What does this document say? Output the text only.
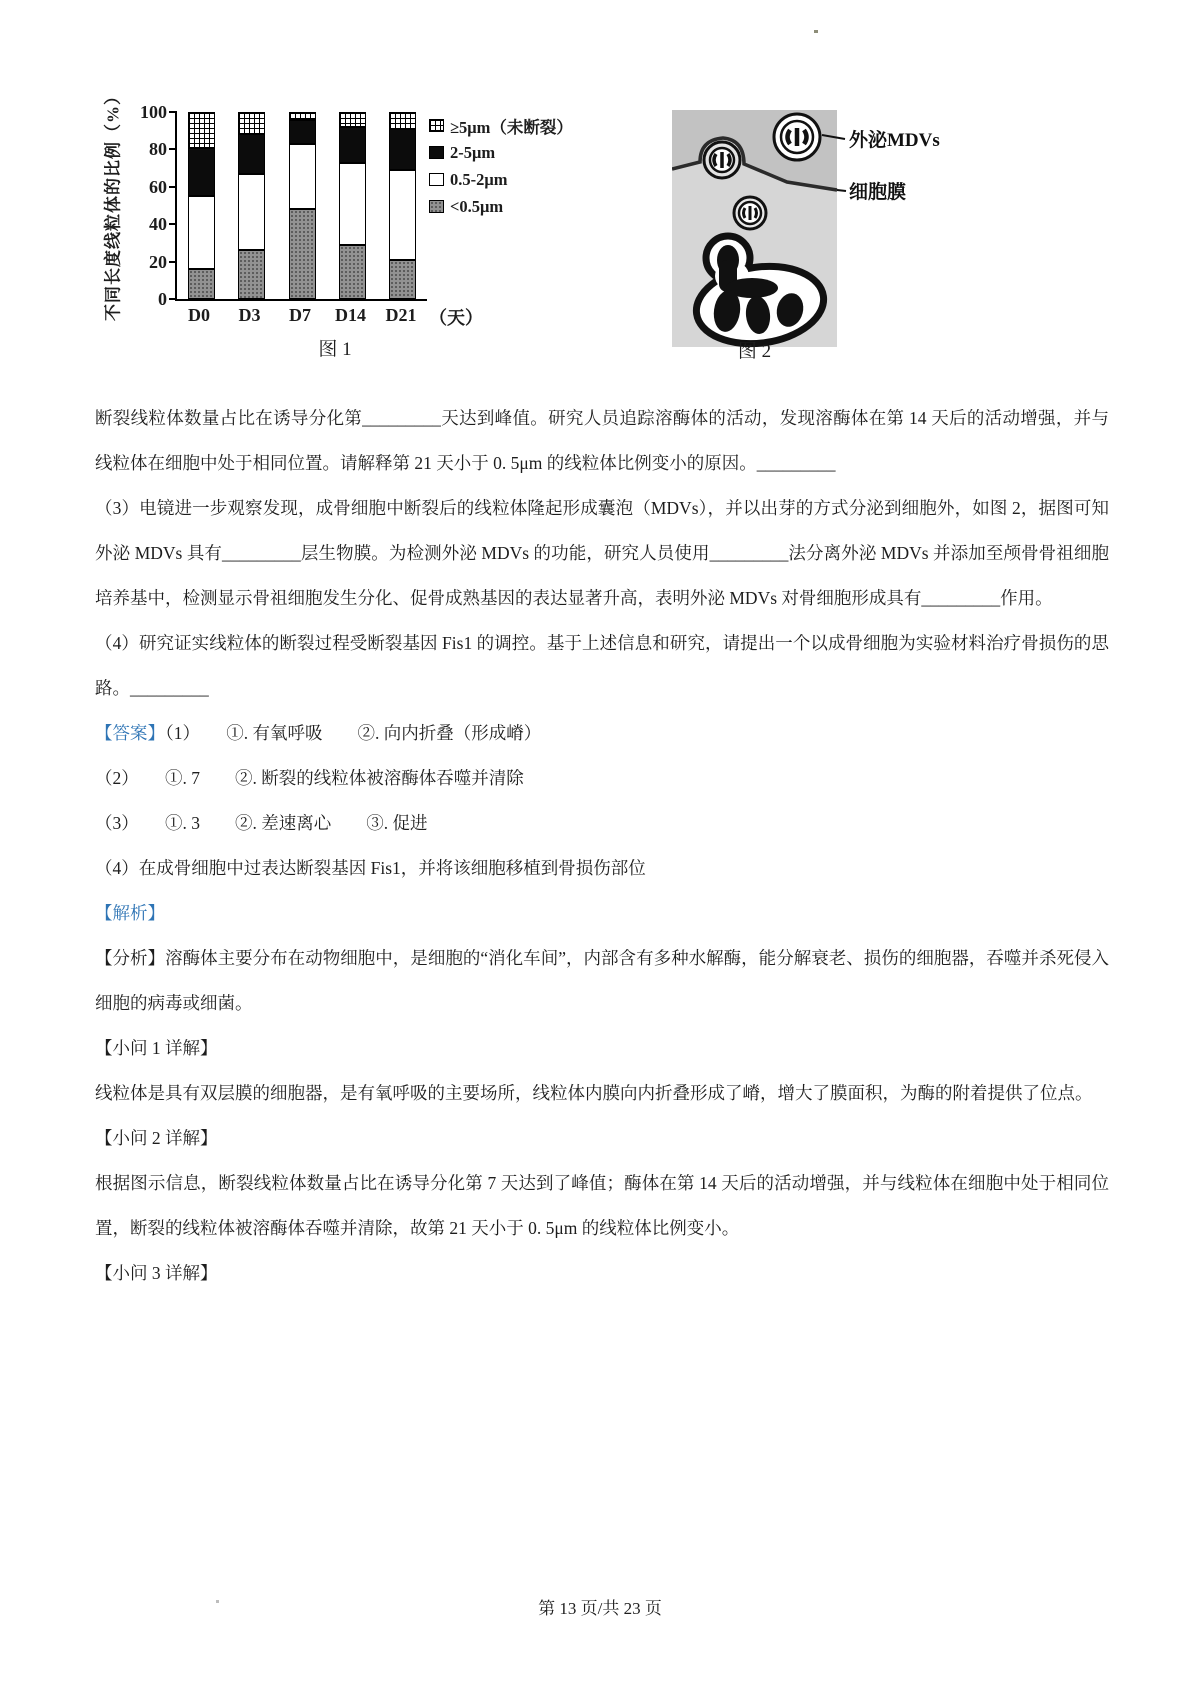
不同长度线粒体的比例（%） 0
20
40
60
80
100
D0	D3	D7	D14 D21 （天）
≥5μm（未断裂）
2-5μm
0.5-2μm
<0.5μm
图 1
外泌MDVs
细胞膜
图 2

断裂线粒体数量占比在诱导分化第_________天达到峰值。研究人员追踪溶酶体的活动，发现溶酶体在第 14 天后的活动增强，并与线粒体在细胞中处于相同位置。请解释第 21 天小于 0. 5μm 的线粒体比例变小的原因。_________

（3）电镜进一步观察发现，成骨细胞中断裂后的线粒体隆起形成囊泡（MDVs），并以出芽的方式分泌到细胞外，如图 2，据图可知外泌 MDVs 具有_________层生物膜。为检测外泌 MDVs 的功能，研究人员使用_________法分离外泌 MDVs 并添加至颅骨骨祖细胞培养基中，检测显示骨祖细胞发生分化、促骨成熟基因的表达显著升高，表明外泌 MDVs 对骨细胞形成具有_________作用。

（4）研究证实线粒体的断裂过程受断裂基因 Fis1 的调控。基于上述信息和研究，请提出一个以成骨细胞为实验材料治疗骨损伤的思路。_________

【答案】（1）　　①. 有氧呼吸　　②. 向内折叠（形成嵴）

（2）　　①. 7　　②. 断裂的线粒体被溶酶体吞噬并清除

（3）　　①. 3　　②. 差速离心　　③. 促进

（4）在成骨细胞中过表达断裂基因 Fis1，并将该细胞移植到骨损伤部位

【解析】

【分析】溶酶体主要分布在动物细胞中，是细胞的“消化车间”，内部含有多种水解酶，能分解衰老、损伤的细胞器，吞噬并杀死侵入细胞的病毒或细菌。

【小问 1 详解】

线粒体是具有双层膜的细胞器，是有氧呼吸的主要场所，线粒体内膜向内折叠形成了嵴，增大了膜面积，为酶的附着提供了位点。

【小问 2 详解】

根据图示信息，断裂线粒体数量占比在诱导分化第 7 天达到了峰值；酶体在第 14 天后的活动增强，并与线粒体在细胞中处于相同位置，断裂的线粒体被溶酶体吞噬并清除，故第 21 天小于 0. 5μm 的线粒体比例变小。

【小问 3 详解】

第 13 页/共 23 页
